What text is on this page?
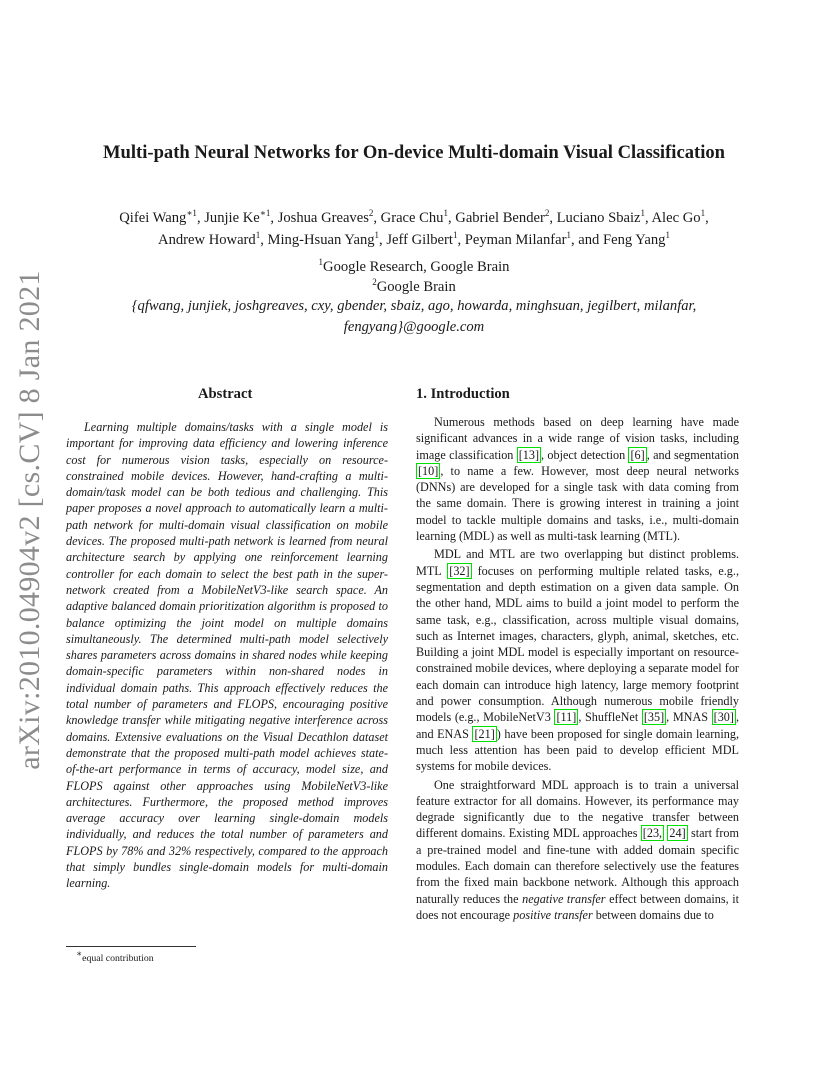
Multi-path Neural Networks for On-device Multi-domain Visual Classification
Qifei Wang$^{∗1}$, Junjie $Ke^{∗1}$, Joshua Greaves$^2$, Grace Chu$^1$, Gabriel Bender$^2$, Luciano Sbaiz$^1$, Alec Go$^1$,
Andrew Howard$^1$, Ming-Hsuan Yang$^1$, Jeff Gilbert$^1$, Peyman Milanfar$^1$, and Feng Yang$^1$
$^1$Google Research, Google Brain
$^2$Google Brain
{qfwang, junjiek, joshgreaves, cxy, gbender, sbaiz, ago, howarda, minghsuan, jegilbert, milanfar,
fengyang}@google.com
arXiv:2010.04904v2 [cs.CV] 8 Jan 2021	Abstract
Learning multiple domains/tasks with a single model is important for improving data efficiency and lowering inference cost for numerous vision tasks, especially on resource-constrained mobile devices. However, hand-crafting a multi-domain/task model can be both tedious and challenging. This paper proposes a novel approach to automatically learn a multi-path network for multi-domain visual classification on mobile devices. The proposed multi-path network is learned from neural architecture search by applying one reinforcement learning controller for each domain to select the best path in the super-network created from a MobileNetV3-like search space. An adaptive balanced domain prioritization algorithm is proposed to balance optimizing the joint model on multiple domains simultaneously. The determined multi-path model selectively shares parameters across domains in shared nodes while keeping domain-specific parameters within non-shared nodes in individual domain paths. This approach effectively reduces the total number of parameters and FLOPS, encouraging positive knowledge transfer while mitigating negative interference across domains. Extensive evaluations on the Visual Decathlon dataset demonstrate that the proposed multi-path model achieves state-of-the-art performance in terms of accuracy, model size, and FLOPS against other approaches using MobileNetV3-like architectures. Furthermore, the proposed method improves average accuracy over learning single-domain models individually, and reduces the total number of parameters and FLOPS by 78% and 32% respectively, compared to the approach that simply bundles single-domain models for multi-domain learning.
1. Introduction

Numerous methods based on deep learning have made significant advances in a wide range of vision tasks, including image classification [13] , object detection [6] , and segmentation [10] , to name a few. However, most deep neural networks (DNNs) are developed for a single task with data coming from the same domain. There is growing interest in training a joint model to tackle multiple domains and tasks, i.e., multi-domain learning (MDL) as well as multi-task learning (MTL).

MDL and MTL are two overlapping but distinct problems. MTL [32] focuses on performing multiple related tasks, e.g., segmentation and depth estimation on a given data sample. On the other hand, MDL aims to build a joint model to perform the same task, e.g., classification, across multiple visual domains, such as Internet images, characters, glyph, animal, sketches, etc. Building a joint MDL model is especially important on resource-constrained mobile devices, where deploying a separate model for each domain can introduce high latency, large memory footprint and power consumption. Although numerous mobile friendly models (e.g., MobileNetV3 [11] , ShuffleNet [35] , MNAS [30] , and ENAS [21] ) have been proposed for single domain learning, much less attention has been paid to develop efficient MDL systems for mobile devices.

One straightforward MDL approach is to train a universal feature extractor for all domains. However, its performance may degrade significantly due to the negative transfer between different domains. Existing MDL approaches [23, 24] start from a pre-trained model and fine-tune with added domain specific modules. Each domain can therefore selectively use the features from the fixed main backbone network. Although this approach naturally reduces the negative transfer effect between domains, it does not encourage positive transfer between domains due to

∗equal contribution
